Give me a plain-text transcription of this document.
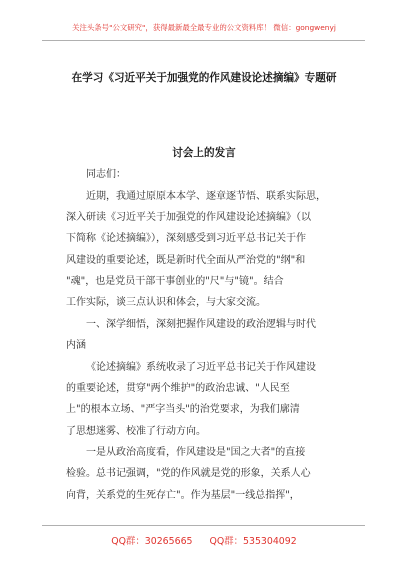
关注头条号"公文研究"，获得最新最全最专业的公文资料库！ 微信：gongwenyj
在学习《习近平关于加强党的作风建设论述摘编》专题研
讨会上的发言
同志们：
近期，我通过原原本本学、逐章逐节悟、联系实际思，
深入研读《习近平关于加强党的作风建设论述摘编》（以
下简称《论述摘编》），深刻感受到习近平总书记关于作
风建设的重要论述，既是新时代全面从严治党的"纲"和
"魂"，也是党员干部干事创业的"尺"与"镜"。结合
工作实际，谈三点认识和体会，与大家交流。
一、深学细悟，深刻把握作风建设的政治逻辑与时代
内涵
《论述摘编》系统收录了习近平总书记关于作风建设
的重要论述，贯穿"两个维护"的政治忠诚、"人民至
上"的根本立场、"严字当头"的治党要求，为我们廓清
了思想迷雾、校准了行动方向。
一是从政治高度看，作风建设是"国之大者"的直接
检验。总书记强调，"党的作风就是党的形象，关系人心
向背，关系党的生死存亡"。作为基层"一线总指挥"，
QQ群：30265665 QQ群：535304092
